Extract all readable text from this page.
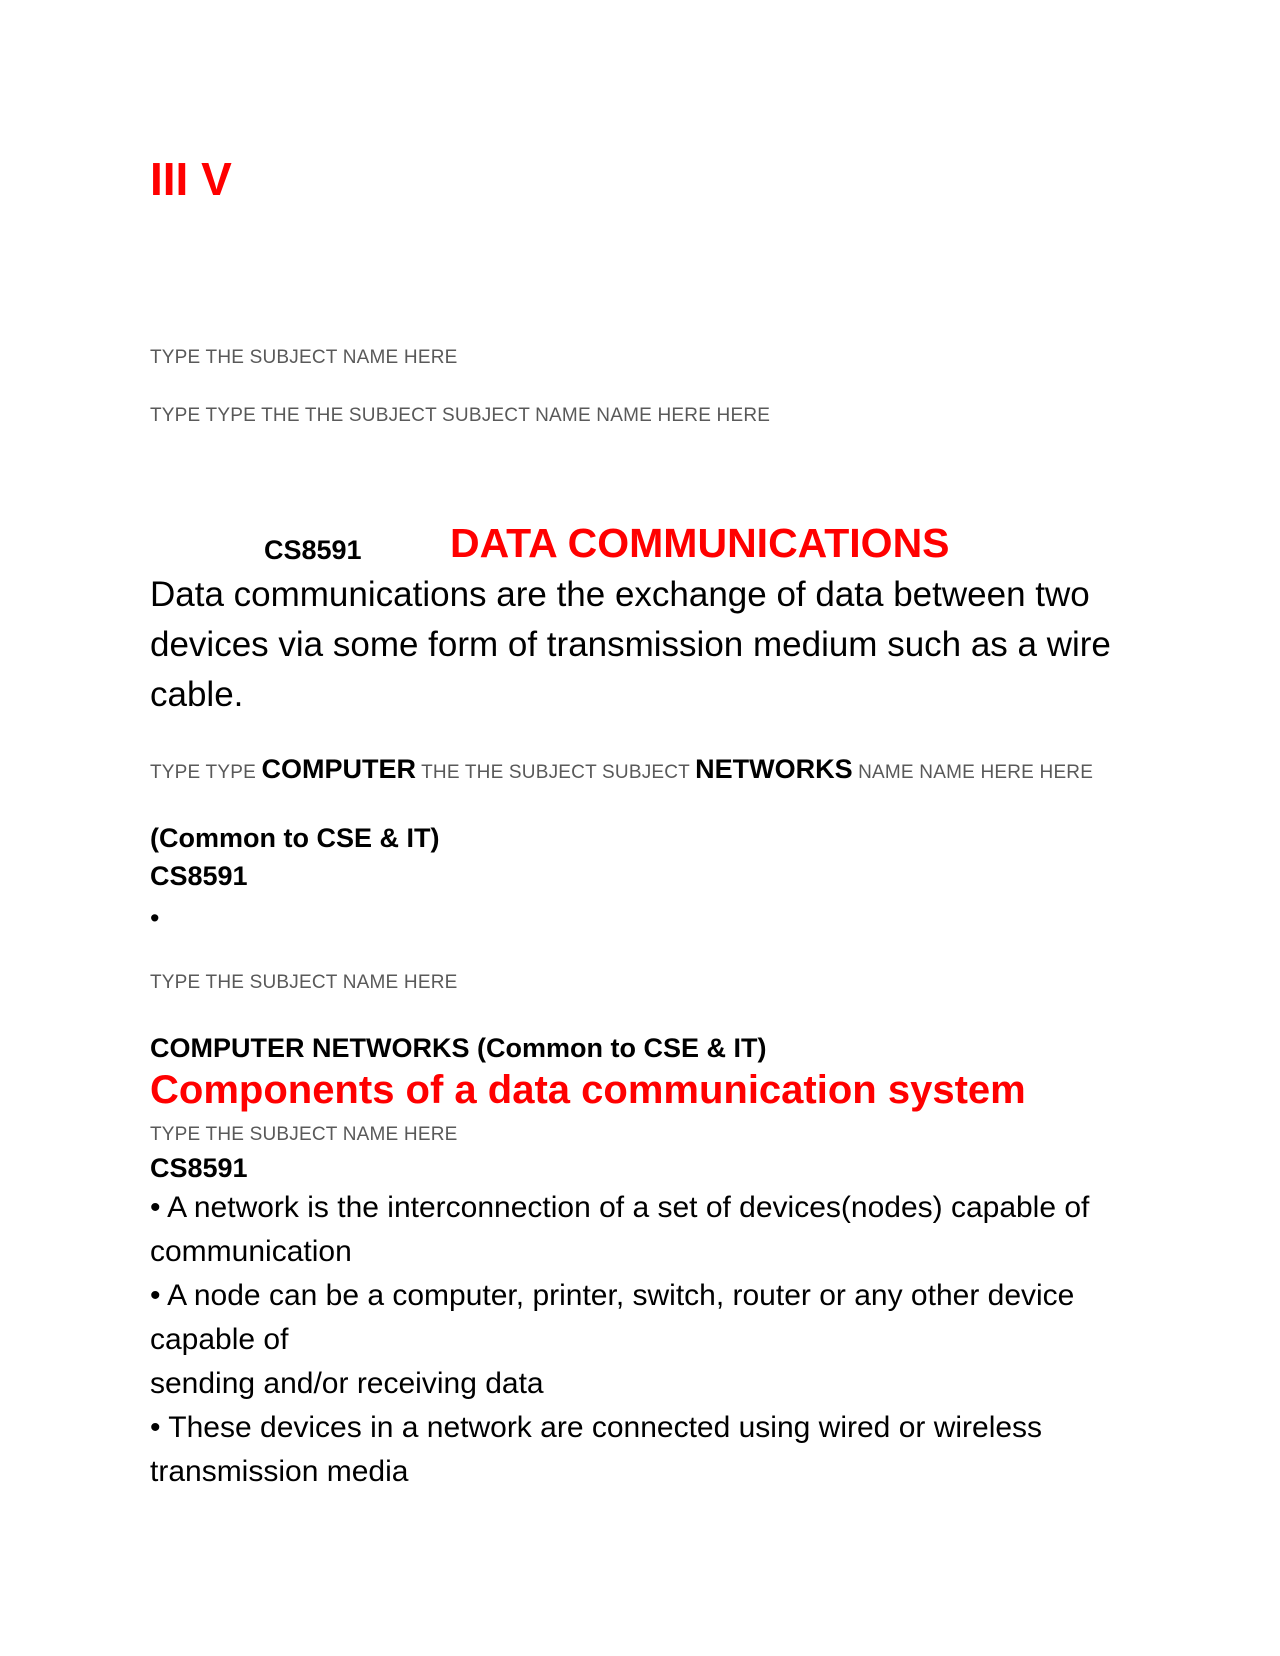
III V
TYPE THE SUBJECT NAME HERE
TYPE TYPE THE THE SUBJECT SUBJECT NAME NAME HERE HERE
CS8591 DATA COMMUNICATIONS
Data communications are the exchange of data between two devices via some form of transmission medium such as a wire cable.
TYPE TYPE COMPUTER THE THE SUBJECT SUBJECT NETWORKS NAME NAME HERE HERE
(Common to CSE & IT)
CS8591
•
TYPE THE SUBJECT NAME HERE
COMPUTER NETWORKS (Common to CSE & IT)
Components of a data communication system
TYPE THE SUBJECT NAME HERE
CS8591
• A network is the interconnection of a set of devices(nodes) capable of communication
• A node can be a computer, printer, switch, router or any other device capable of
sending and/or receiving data
• These devices in a network are connected using wired or wireless transmission media
